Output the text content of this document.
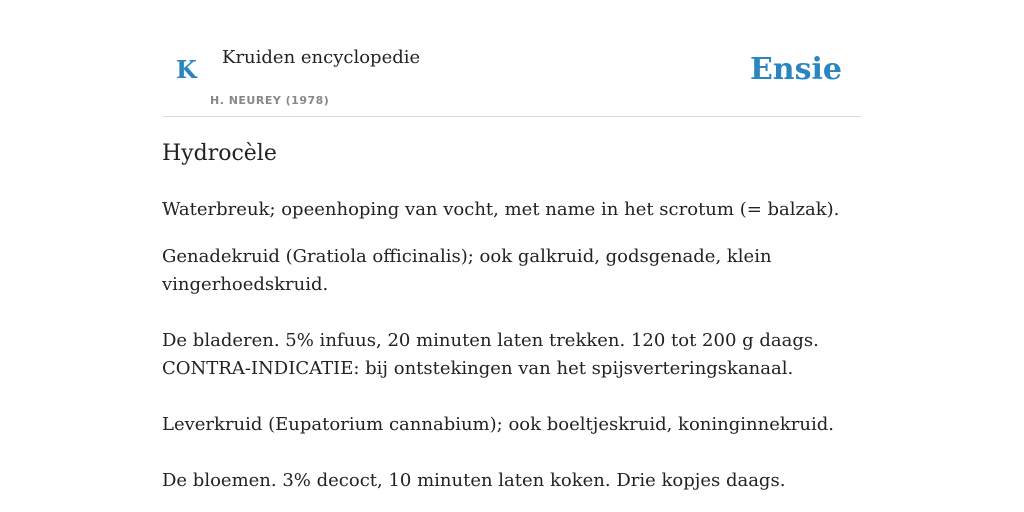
K Kruiden encyclopedie
H. NEUREY (1978)
Ensie
Hydrocèle

Waterbreuk; opeenhoping van vocht, met name in het scrotum (= balzak).

Genadekruid (Gratiola officinalis); ook galkruid, godsgenade, klein vingerhoedskruid.

De bladeren. 5% infuus, 20 minuten laten trekken. 120 tot 200 g daags. CONTRA-INDICATIE: bij ontstekingen van het spijsverteringskanaal.

Leverkruid (Eupatorium cannabium); ook boeltjeskruid, koninginnekruid.

De bloemen. 3% decoct, 10 minuten laten koken. Drie kopjes daags.
